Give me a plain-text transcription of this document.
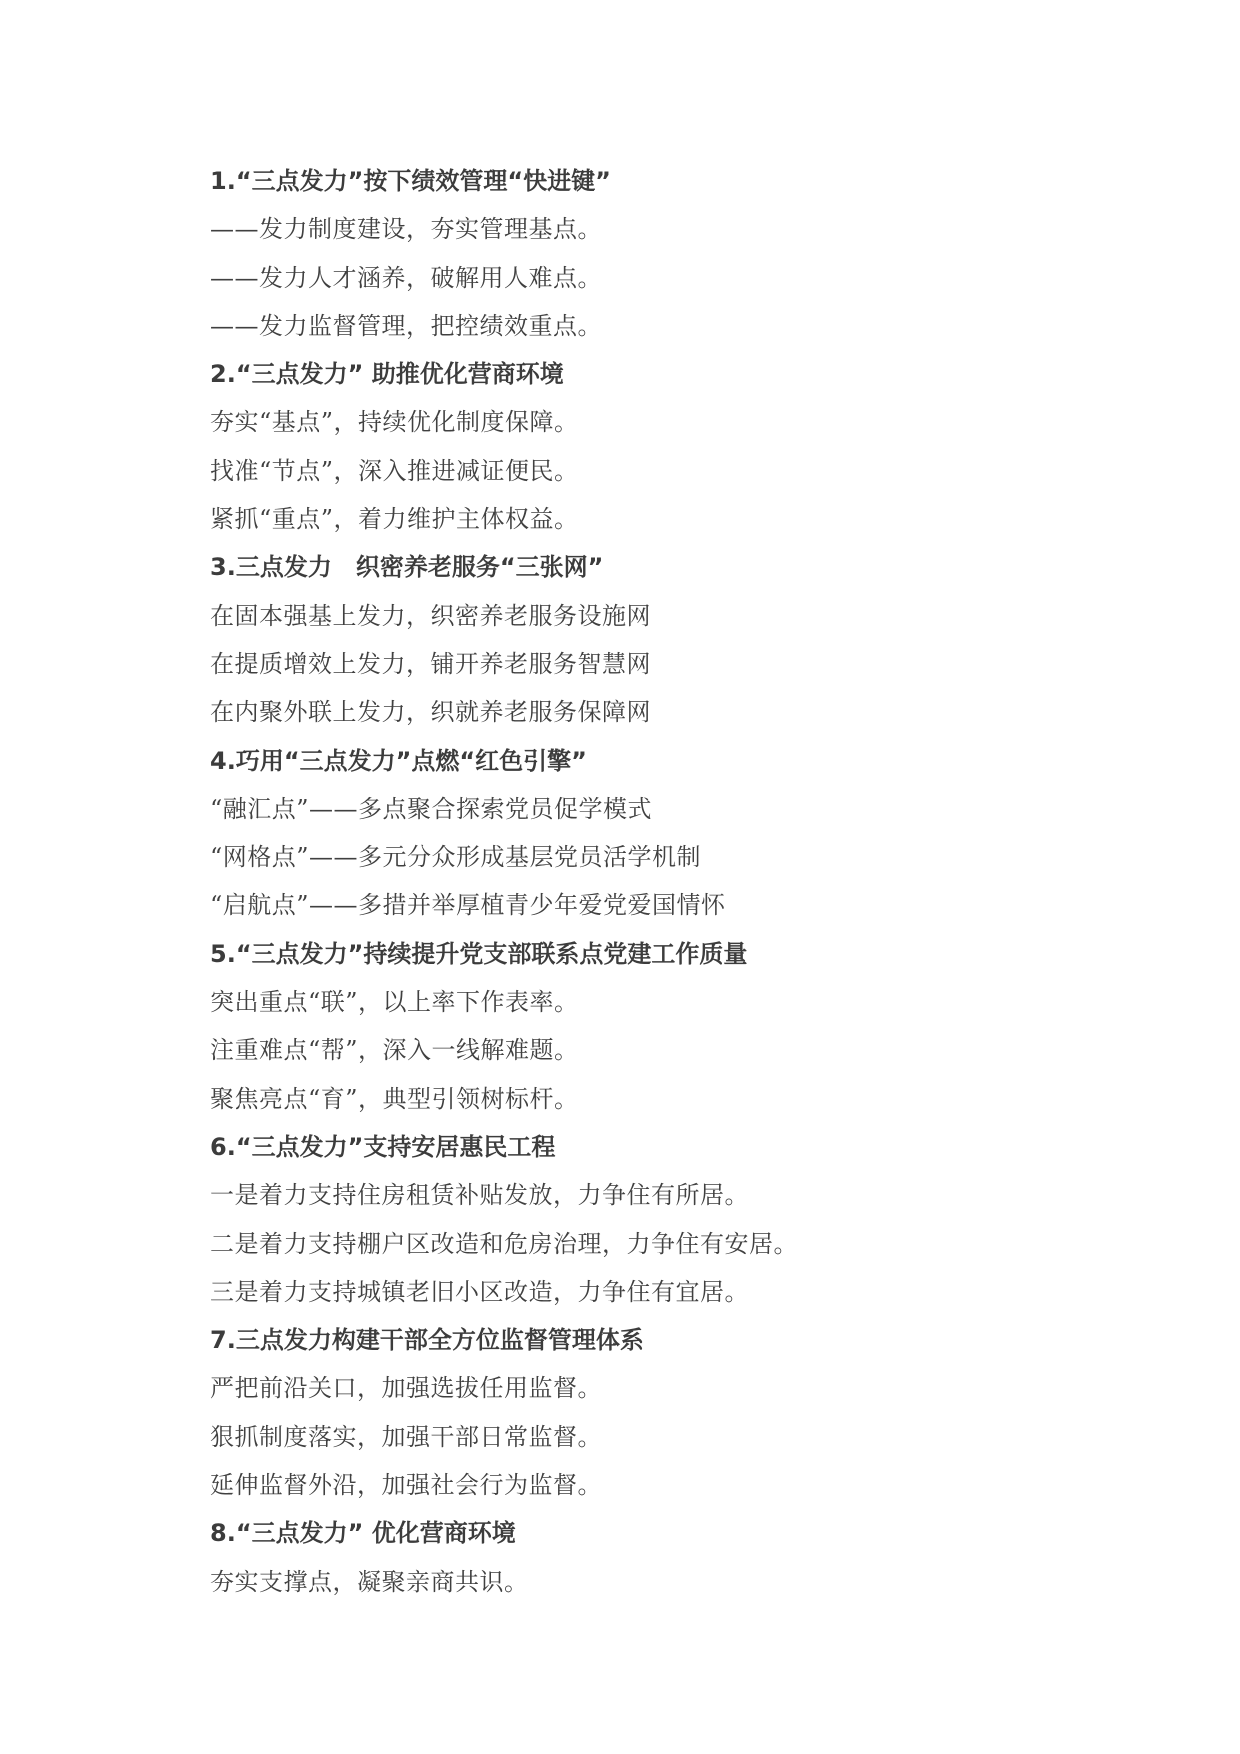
1.“三点发力”按下绩效管理“快进键”
——发力制度建设，夯实管理基点。
——发力人才涵养，破解用人难点。
——发力监督管理，把控绩效重点。
2.“三点发力” 助推优化营商环境
夯实“基点”，持续优化制度保障。
找准“节点”，深入推进减证便民。
紧抓“重点”，着力维护主体权益。
3.三点发力　织密养老服务“三张网”
在固本强基上发力，织密养老服务设施网
在提质增效上发力，铺开养老服务智慧网
在内聚外联上发力，织就养老服务保障网
4.巧用“三点发力”点燃“红色引擎”
“融汇点”——多点聚合探索党员促学模式
“网格点”——多元分众形成基层党员活学机制
“启航点”——多措并举厚植青少年爱党爱国情怀
5.“三点发力”持续提升党支部联系点党建工作质量
突出重点“联”，以上率下作表率。
注重难点“帮”，深入一线解难题。
聚焦亮点“育”，典型引领树标杆。
6.“三点发力”支持安居惠民工程
一是着力支持住房租赁补贴发放，力争住有所居。
二是着力支持棚户区改造和危房治理，力争住有安居。
三是着力支持城镇老旧小区改造，力争住有宜居。
7.三点发力构建干部全方位监督管理体系
严把前沿关口，加强选拔任用监督。
狠抓制度落实，加强干部日常监督。
延伸监督外沿，加强社会行为监督。
8.“三点发力” 优化营商环境
夯实支撑点，凝聚亲商共识。
